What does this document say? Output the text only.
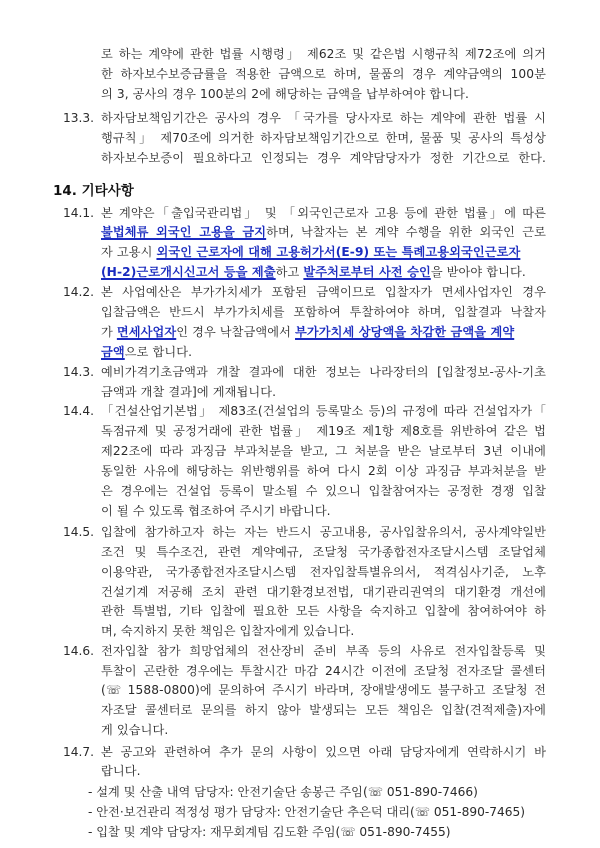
로 하는 계약에 관한 법률 시행령」 제62조 및 같은법 시행규칙 제72조에 의거
한 하자보수보증금률을 적용한 금액으로 하며, 물품의 경우 계약금액의 100분
의 3, 공사의 경우 100분의 2에 해당하는 금액을 납부하여야 합니다.
13.3. 하자담보책임기간은 공사의 경우 「국가를 당사자로 하는 계약에 관한 법률 시
행규칙」 제70조에 의거한 하자담보책임기간으로 한며, 물품 및 공사의 특성상
하자보수보증이 필요하다고 인정되는 경우 계약담당자가 정한 기간으로 한다.
14. 기타사항
14.1. 본 계약은「출입국관리법」 및 「외국인근로자 고용 등에 관한 법률」에 따른
불법체류 외국인 고용을 금지하며, 낙찰자는 본 계약 수행을 위한 외국인 근로
자 고용시 외국인 근로자에 대해 고용허가서(E-9) 또는 특례고용외국인근로자
(H-2)근로개시신고서 등을 제출하고 발주처로부터 사전 승인을 받아야 합니다.
14.2. 본 사업예산은 부가가치세가 포함된 금액이므로 입찰자가 면세사업자인 경우
입찰금액은 반드시 부가가치세를 포함하여 투찰하여야 하며, 입찰결과 낙찰자
가 면세사업자인 경우 낙찰금액에서 부가가치세 상당액을 차감한 금액을 계약
금액으로 합니다.
14.3. 예비가격기초금액과 개찰 결과에 대한 정보는 나라장터의 [입찰정보-공사-기초
금액과 개찰 결과]에 게재됩니다.
14.4. 「건설산업기본법」 제83조(건설업의 등록말소 등)의 규정에 따라 건설업자가「
독점규제 및 공정거래에 관한 법률」 제19조 제1항 제8호를 위반하여 같은 법
제22조에 따라 과징금 부과처분을 받고, 그 처분을 받은 날로부터 3년 이내에
동일한 사유에 해당하는 위반행위를 하여 다시 2회 이상 과징금 부과처분을 받
은 경우에는 건설업 등록이 말소될 수 있으니 입찰참여자는 공정한 경쟁 입찰
이 될 수 있도록 협조하여 주시기 바랍니다.
14.5. 입찰에 참가하고자 하는 자는 반드시 공고내용, 공사입찰유의서, 공사계약일반
조건 및 특수조건, 관련 계약예규, 조달청 국가종합전자조달시스템 조달업체
이용약관, 국가종합전자조달시스템 전자입찰특별유의서, 적격심사기준, 노후
건설기계 저공해 조치 관련 대기환경보전법, 대기관리권역의 대기환경 개선에
관한 특별법, 기타 입찰에 필요한 모든 사항을 숙지하고 입찰에 참여하여야 하
며, 숙지하지 못한 책임은 입찰자에게 있습니다.
14.6. 전자입찰 참가 희망업체의 전산장비 준비 부족 등의 사유로 전자입찰등록 및
투찰이 곤란한 경우에는 투찰시간 마감 24시간 이전에 조달청 전자조달 콜센터
(☏ 1588-0800)에 문의하여 주시기 바라며, 장애발생에도 불구하고 조달청 전
자조달 콜센터로 문의를 하지 않아 발생되는 모든 책임은 입찰(견적제출)자에
게 있습니다.
14.7. 본 공고와 관련하여 추가 문의 사항이 있으면 아래 담당자에게 연락하시기 바
랍니다.
- 설계 및 산출 내역 담당자: 안전기술단 송봉근 주임(☏ 051-890-7466)
- 안전·보건관리 적정성 평가 담당자: 안전기술단 추은덕 대리(☏ 051-890-7465)
- 입찰 및 계약 담당자: 재무회계팀 김도환 주임(☏ 051-890-7455)
